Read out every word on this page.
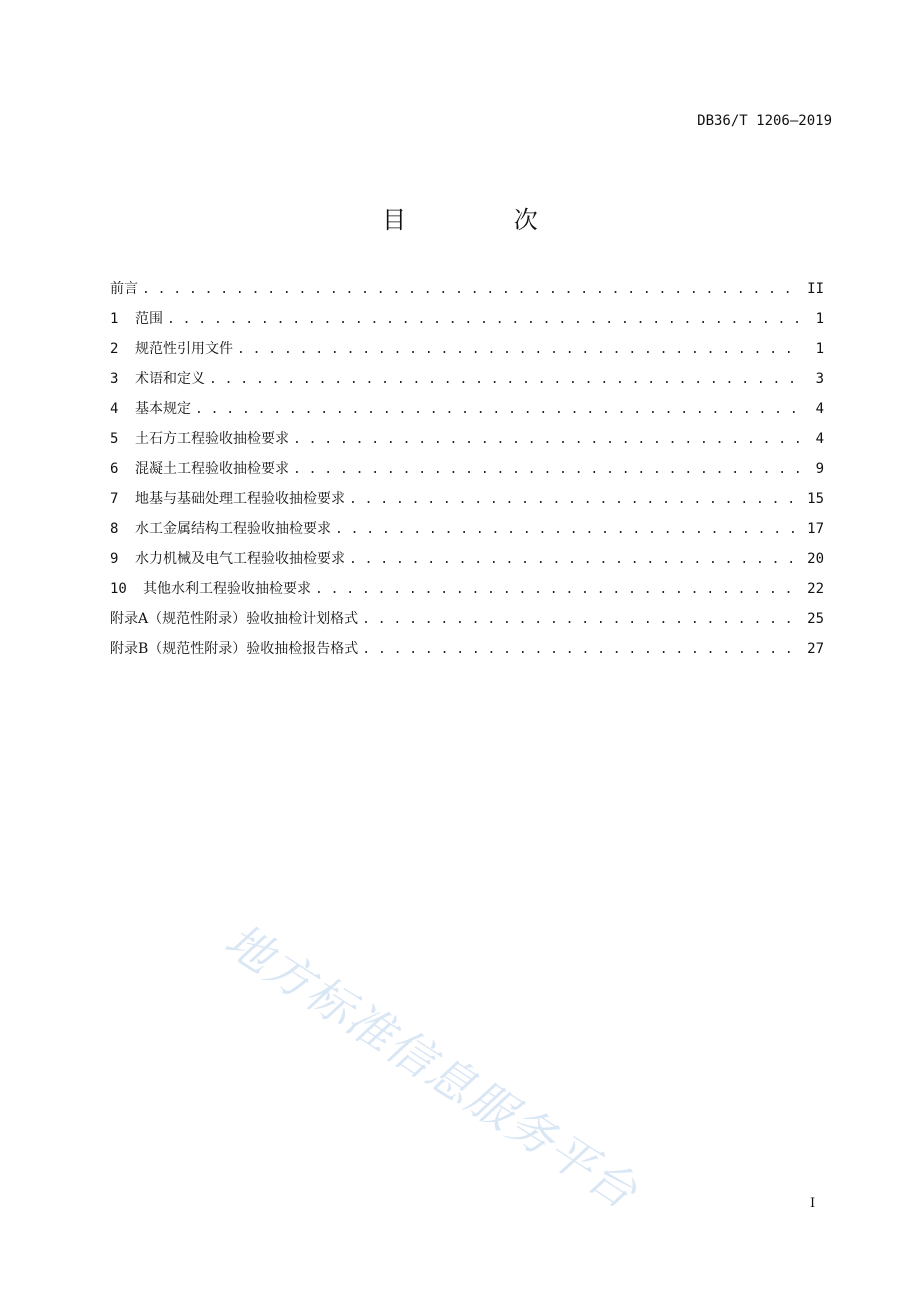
DB36/T 1206—2019
目 次
前言 . . .	II
1	范围 . . .	1
2	规范性引用文件 . . .	1
3	术语和定义 . . .	3
4	基本规定 . . .	4
5	土石方工程验收抽检要求 . . .	4
6	混凝土工程验收抽检要求 . . .	9
7	地基与基础处理工程验收抽检要求 . . .	15
8	水工金属结构工程验收抽检要求 . . .	17
9	水力机械及电气工程验收抽检要求 . . .	20
10	其他水利工程验收抽检要求 . . .	22
附录A（规范性附录）验收抽检计划格式 . . .	25
附录B（规范性附录）验收抽检报告格式 . . .	27
地方标准信息服务平台	I
